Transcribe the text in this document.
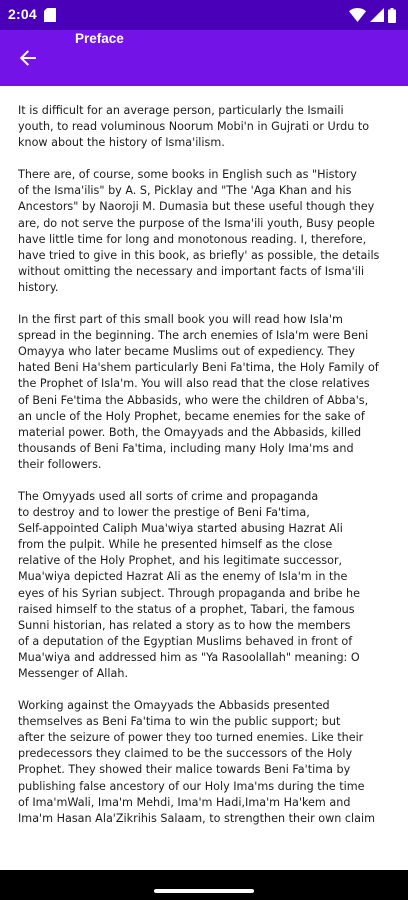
2:04
Preface

It is difficult for an average person, particularly the Ismaili
youth, to read voluminous Noorum Mobi'n in Gujrati or Urdu to
know about the history of Isma'ilism.

There are, of course, some books in English such as "History
of the Isma'ilis" by A. S, Picklay and "The 'Aga Khan and his
Ancestors" by Naoroji M. Dumasia but these useful though they
are, do not serve the purpose of the Isma'ili youth, Busy people
have little time for long and monotonous reading. I, therefore,
have tried to give in this book, as briefly' as possible, the details
without omitting the necessary and important facts of Isma'ili
history.

In the first part of this small book you will read how Isla'm
spread in the beginning. The arch enemies of Isla'm were Beni
Omayya who later became Muslims out of expediency. They
hated Beni Ha'shem particularly Beni Fa'tima, the Holy Family of
the Prophet of Isla'm. You will also read that the close relatives
of Beni Fe'tima the Abbasids, who were the children of Abba's,
an uncle of the Holy Prophet, became enemies for the sake of
material power. Both, the Omayyads and the Abbasids, killed
thousands of Beni Fa'tima, including many Holy Ima'ms and
their followers.

The Omyyads used all sorts of crime and propaganda
to destroy and to lower the prestige of Beni Fa'tima,
Self-appointed Caliph Mua'wiya started abusing Hazrat Ali
from the pulpit. While he presented himself as the close
relative of the Holy Prophet, and his legitimate successor,
Mua'wiya depicted Hazrat Ali as the enemy of Isla'm in the
eyes of his Syrian subject. Through propaganda and bribe he
raised himself to the status of a prophet, Tabari, the famous
Sunni historian, has related a story as to how the members
of a deputation of the Egyptian Muslims behaved in front of
Mua'wiya and addressed him as "Ya Rasoolallah" meaning: O
Messenger of Allah.

Working against the Omayyads the Abbasids presented
themselves as Beni Fa'tima to win the public support; but
after the seizure of power they too turned enemies. Like their
predecessors they claimed to be the successors of the Holy
Prophet. They showed their malice towards Beni Fa'tima by
publishing false ancestory of our Holy Ima'ms during the time
of Ima'mWali, Ima'm Mehdi, Ima'm Hadi,Ima'm Ha'kem and
Ima'm Hasan Ala'Zikrihis Salaam, to strengthen their own claim
